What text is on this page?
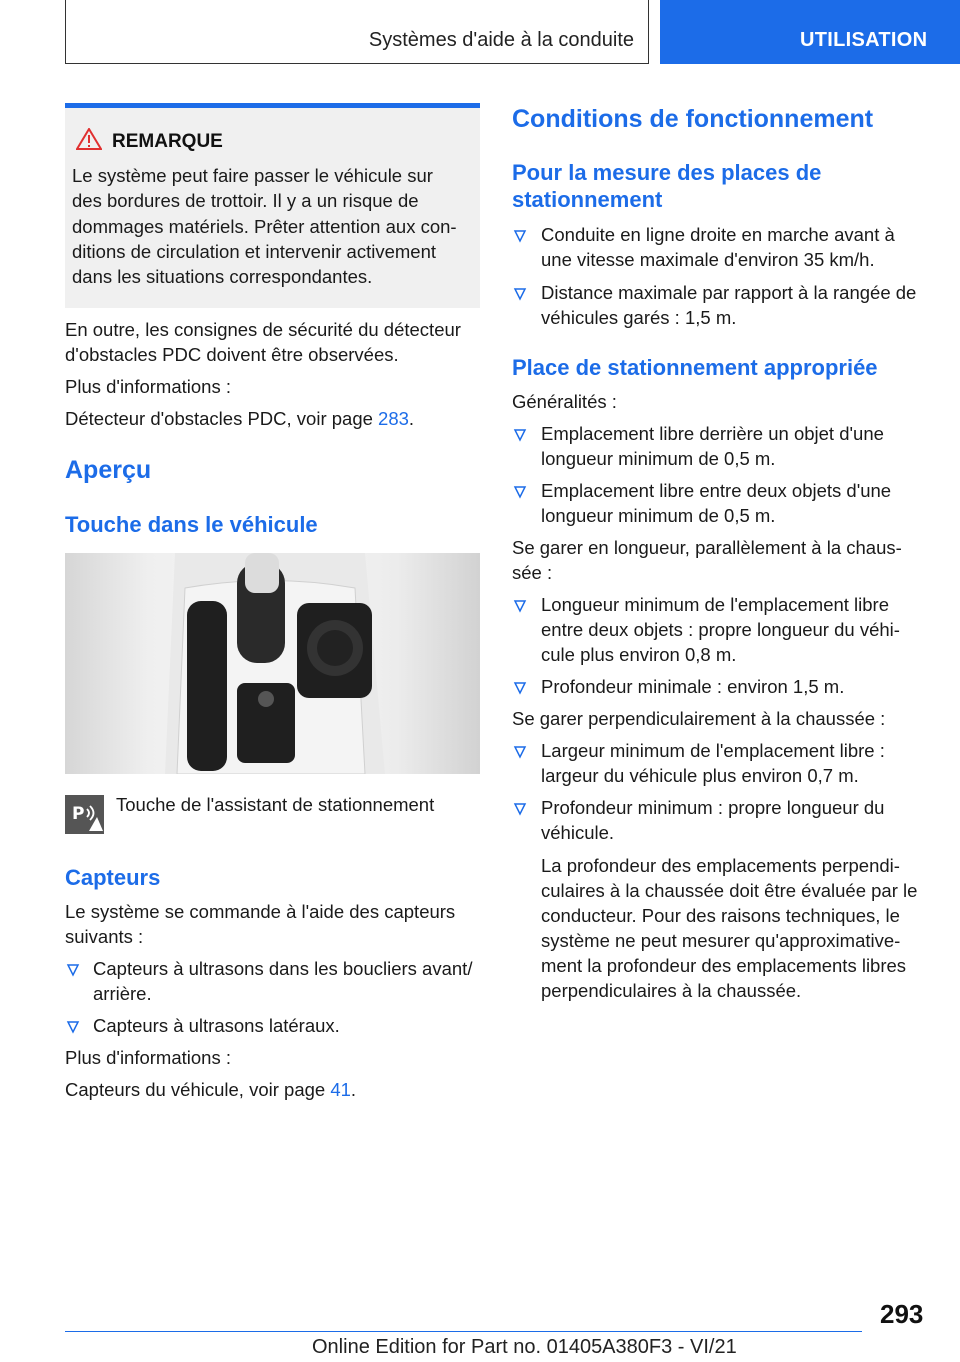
Systèmes d'aide à la conduite	UTILISATION
REMARQUE
Le système peut faire passer le véhicule sur
des bordures de trottoir. Il y a un risque de
dommages matériels. Prêter attention aux con-
ditions de circulation et intervenir activement
dans les situations correspondantes.
En outre, les consignes de sécurité du détecteur
d'obstacles PDC doivent être observées.
Plus d'informations :
Détecteur d'obstacles PDC, voir page 283.
Aperçu
Touche dans le véhicule
P Touche de l'assistant de stationnement
Capteurs
Le système se commande à l'aide des capteurs
suivants :
Capteurs à ultrasons dans les boucliers avant/
arrière.
Capteurs à ultrasons latéraux.
Plus d'informations :
Capteurs du véhicule, voir page 41.
Conditions de fonctionnement
Pour la mesure des places de
stationnement
Conduite en ligne droite en marche avant à
une vitesse maximale d'environ 35 km/h.
Distance maximale par rapport à la rangée de
véhicules garés : 1,5 m.
Place de stationnement appropriée
Généralités :
Emplacement libre derrière un objet d'une
longueur minimum de 0,5 m.
Emplacement libre entre deux objets d'une
longueur minimum de 0,5 m.
Se garer en longueur, parallèlement à la chaus-
sée :
Longueur minimum de l'emplacement libre
entre deux objets : propre longueur du véhi-
cule plus environ 0,8 m.
Profondeur minimale : environ 1,5 m.
Se garer perpendiculairement à la chaussée :
Largeur minimum de l'emplacement libre :
largeur du véhicule plus environ 0,7 m.
Profondeur minimum : propre longueur du
véhicule.
La profondeur des emplacements perpendi-
culaires à la chaussée doit être évaluée par le
conducteur. Pour des raisons techniques, le
système ne peut mesurer qu'approximative-
ment la profondeur des emplacements libres
perpendiculaires à la chaussée.
293
Online Edition for Part no. 01405A380F3 - VI/21
